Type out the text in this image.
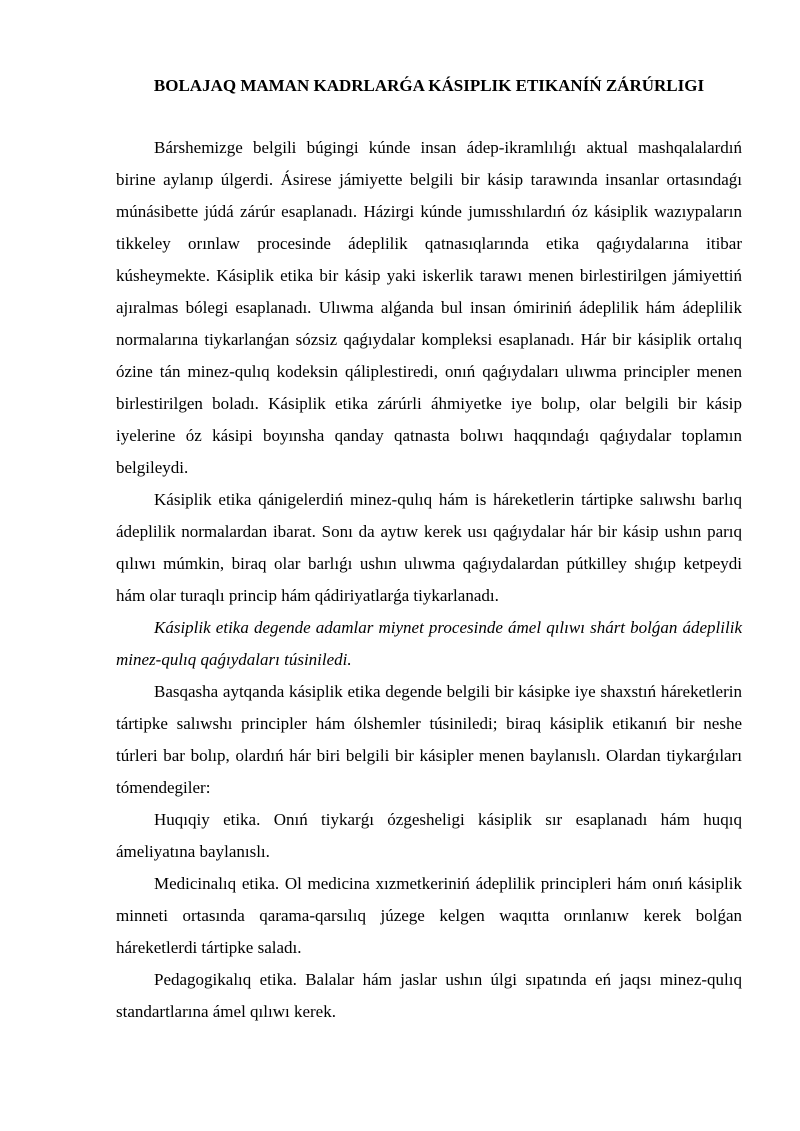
BOLAJAQ MAMAN KADRLARǴA KÁSIPLIK ETIKANÍŃ ZÁRÚRLIGI

Bárshemizge belgili búgingi kúnde insan ádep-ikramlılıǵı aktual mashqalalardıń birine aylanıp úlgerdi. Ásirese jámiyette belgili bir kásip tarawında insanlar ortasındaǵı múnásibette júdá zárúr esaplanadı. Házirgi kúnde jumısshılardıń óz kásiplik wazıypaların tikkeley orınlaw procesinde ádeplilik qatnasıqlarında etika qaǵıydalarına itibar kúsheymekte. Kásiplik etika bir kásip yaki iskerlik tarawı menen birlestirilgen jámiyettiń ajıralmas bólegi esaplanadı. Ulıwma alǵanda bul insan ómiriniń ádeplilik hám ádeplilik normalarına tiykarlanǵan sózsiz qaǵıydalar kompleksi esaplanadı. Hár bir kásiplik ortalıq ózine tán minez-qulıq kodeksin qáliplestiredi, onıń qaǵıydaları ulıwma principler menen birlestirilgen boladı. Kásiplik etika zárúrli áhmiyetke iye bolıp, olar belgili bir kásip iyelerine óz kásipi boyınsha qanday qatnasta bolıwı haqqındaǵı qaǵıydalar toplamın belgileydi.

Kásiplik etika qánigelerdiń minez-qulıq hám is háreketlerin tártipke salıwshı barlıq ádeplilik normalardan ibarat. Sonı da aytıw kerek usı qaǵıydalar hár bir kásip ushın parıq qılıwı múmkin, biraq olar barlıǵı ushın ulıwma qaǵıydalardan pútkilley shıǵıp ketpeydi hám olar turaqlı princip hám qádiriyatlarǵa tiykarlanadı.

Kásiplik etika degende adamlar miynet procesinde ámel qılıwı shárt bolǵan ádeplilik minez-qulıq qaǵıydaları túsiniledi.

Basqasha aytqanda kásiplik etika degende belgili bir kásipke iye shaxstıń háreketlerin tártipke salıwshı principler hám ólshemler túsiniledi; biraq kásiplik etikanıń bir neshe túrleri bar bolıp, olardıń hár biri belgili bir kásipler menen baylanıslı. Olardan tiykarǵıları tómendegiler:

Huqıqiy etika. Onıń tiykarǵı ózgesheligi kásiplik sır esaplanadı hám huqıq ámeliyatına baylanıslı.

Medicinalıq etika. Ol medicina xızmetkeriniń ádeplilik principleri hám onıń kásiplik minneti ortasında qarama-qarsılıq júzege kelgen waqıtta orınlanıw kerek bolǵan háreketlerdi tártipke saladı.

Pedagogikalıq etika. Balalar hám jaslar ushın úlgi sıpatında eń jaqsı minez-qulıq standartlarına ámel qılıwı kerek.
